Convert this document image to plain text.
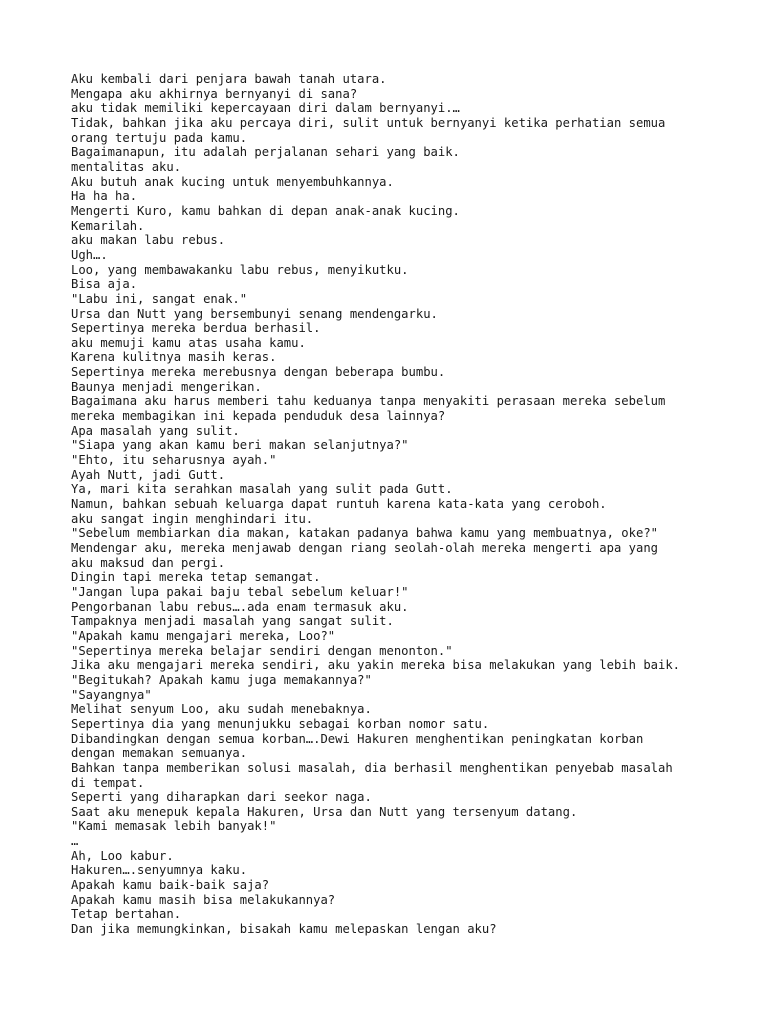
Aku kembali dari penjara bawah tanah utara.
Mengapa aku akhirnya bernyanyi di sana?
aku tidak memiliki kepercayaan diri dalam bernyanyi.…
Tidak, bahkan jika aku percaya diri, sulit untuk bernyanyi ketika perhatian semua
orang tertuju pada kamu.
Bagaimanapun, itu adalah perjalanan sehari yang baik.
mentalitas aku.
Aku butuh anak kucing untuk menyembuhkannya.
Ha ha ha.
Mengerti Kuro, kamu bahkan di depan anak-anak kucing.
Kemarilah.
aku makan labu rebus.
Ugh….
Loo, yang membawakanku labu rebus, menyikutku.
Bisa aja.
"Labu ini, sangat enak."
Ursa dan Nutt yang bersembunyi senang mendengarku.
Sepertinya mereka berdua berhasil.
aku memuji kamu atas usaha kamu.
Karena kulitnya masih keras.
Sepertinya mereka merebusnya dengan beberapa bumbu.
Baunya menjadi mengerikan.
Bagaimana aku harus memberi tahu keduanya tanpa menyakiti perasaan mereka sebelum
mereka membagikan ini kepada penduduk desa lainnya?
Apa masalah yang sulit.
"Siapa yang akan kamu beri makan selanjutnya?"
"Ehto, itu seharusnya ayah."
Ayah Nutt, jadi Gutt.
Ya, mari kita serahkan masalah yang sulit pada Gutt.
Namun, bahkan sebuah keluarga dapat runtuh karena kata-kata yang ceroboh.
aku sangat ingin menghindari itu.
"Sebelum membiarkan dia makan, katakan padanya bahwa kamu yang membuatnya, oke?"
Mendengar aku, mereka menjawab dengan riang seolah-olah mereka mengerti apa yang
aku maksud dan pergi.
Dingin tapi mereka tetap semangat.
"Jangan lupa pakai baju tebal sebelum keluar!"
Pengorbanan labu rebus….ada enam termasuk aku.
Tampaknya menjadi masalah yang sangat sulit.
"Apakah kamu mengajari mereka, Loo?"
"Sepertinya mereka belajar sendiri dengan menonton."
Jika aku mengajari mereka sendiri, aku yakin mereka bisa melakukan yang lebih baik.
"Begitukah? Apakah kamu juga memakannya?"
"Sayangnya"
Melihat senyum Loo, aku sudah menebaknya.
Sepertinya dia yang menunjukku sebagai korban nomor satu.
Dibandingkan dengan semua korban….Dewi Hakuren menghentikan peningkatan korban
dengan memakan semuanya.
Bahkan tanpa memberikan solusi masalah, dia berhasil menghentikan penyebab masalah
di tempat.
Seperti yang diharapkan dari seekor naga.
Saat aku menepuk kepala Hakuren, Ursa dan Nutt yang tersenyum datang.
"Kami memasak lebih banyak!"
…
Ah, Loo kabur.
Hakuren….senyumnya kaku.
Apakah kamu baik-baik saja?
Apakah kamu masih bisa melakukannya?
Tetap bertahan.
Dan jika memungkinkan, bisakah kamu melepaskan lengan aku?
